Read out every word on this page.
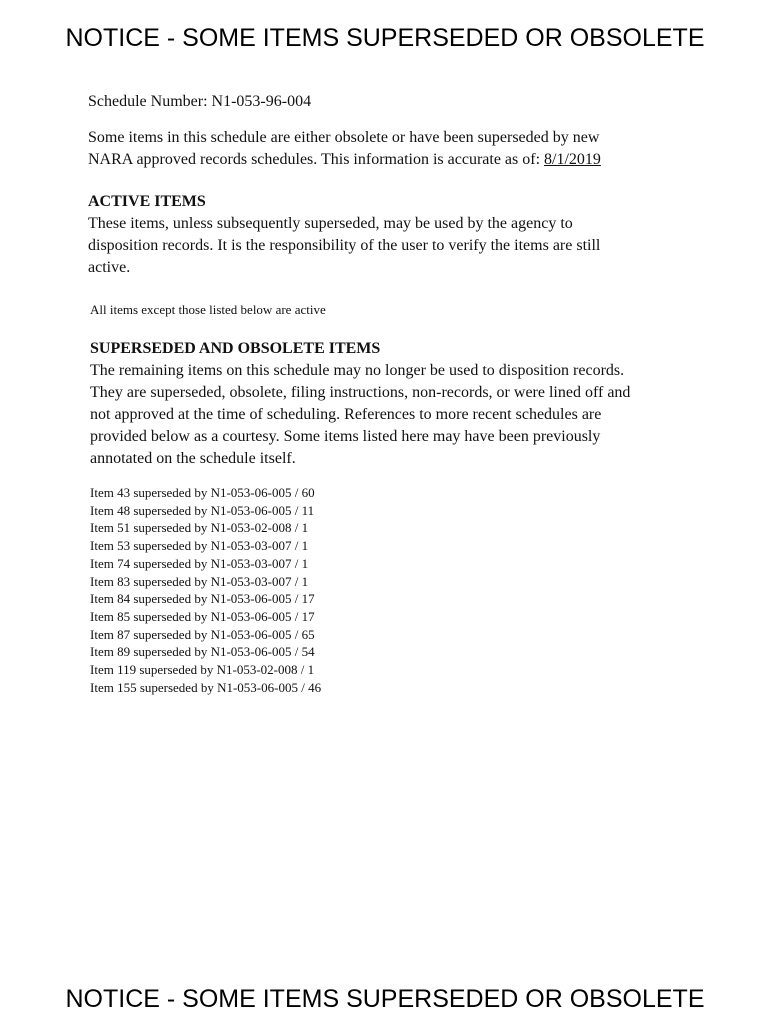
NOTICE - SOME ITEMS SUPERSEDED OR OBSOLETE
Schedule Number: N1-053-96-004
Some items in this schedule are either obsolete or have been superseded by new
NARA approved records schedules. This information is accurate as of: 8/1/2019
ACTIVE ITEMS
These items, unless subsequently superseded, may be used by the agency to
disposition records. It is the responsibility of the user to verify the items are still
active.
All items except those listed below are active
SUPERSEDED AND OBSOLETE ITEMS
The remaining items on this schedule may no longer be used to disposition records.
They are superseded, obsolete, filing instructions, non-records, or were lined off and
not approved at the time of scheduling. References to more recent schedules are
provided below as a courtesy. Some items listed here may have been previously
annotated on the schedule itself.
Item 43 superseded by N1-053-06-005 / 60
Item 48 superseded by N1-053-06-005 / 11
Item 51 superseded by N1-053-02-008 / 1
Item 53 superseded by N1-053-03-007 / 1
Item 74 superseded by N1-053-03-007 / 1
Item 83 superseded by N1-053-03-007 / 1
Item 84 superseded by N1-053-06-005 / 17
Item 85 superseded by N1-053-06-005 / 17
Item 87 superseded by N1-053-06-005 / 65
Item 89 superseded by N1-053-06-005 / 54
Item 119 superseded by N1-053-02-008 / 1
Item 155 superseded by N1-053-06-005 / 46
NOTICE - SOME ITEMS SUPERSEDED OR OBSOLETE
